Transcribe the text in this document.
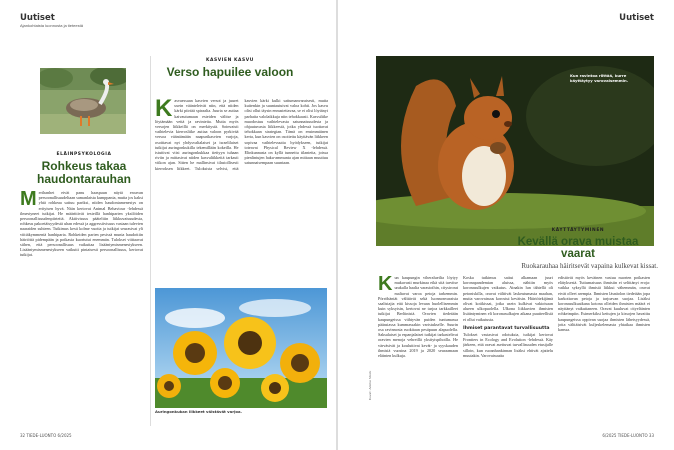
Uutiset
Ajankohtaista luonnosta ja tieteestä
ELÄINPSYKOLOGIA
Rohkeus takaa haudontarauhan
M erihanhet eivät panu haaspuun näytä eroavan persoonallisuudeltaan samanlaista kumppania, mutta jos kaksi yhtä rohkeaa sattuu pariksi, niiden haudontamenestys on erityisen hyvä. Näin kertovat Animal Behaviour -lehdessä ilmestyneet tutkijat. He määrittivät testeillä hanhiparien yksilöiden persoonallisuudenpiirteitä. Aktiivisuus pääteltiin liikkuvaisuudesta, rohkeus pakoetäisyydestä uhan edessä ja aggressiivisuus vastaan tulevien naaraiden suhteen. Tutkimus kesti kolme vuotta ja tutkijat seurasivat yli viittäkymmentä hanhiparia. Rohkeiden parien pesissä munia haudottiin häiriöttä pidempään ja poikasia kuoriutui enemmän. Tulokset viittaavat siihen, että persoonallisuus vaikuttaa lisääntymismenestykseen. Lisääntymismenestykseen vaikutti pintaisesti persoonallisuus, kertovat tutkijat.
KASVIEN KASVU
Verso hapuilee valoon
K asvaessaan kasvien versot ja juuret usein väänteleivät niin, että niiden kärki piirtää spiraalia. Juuria se auttaa kaivautumaan esteiden välitse ja löytämään vettä ja ravinteita. Mutta myös versojen liikkeillä on merkitystä. Soinvaisti vaihtelevia kierrosliike auttaa valoon pyrkivää versoa vääntämään naapurikasvien varjoja, osoittavat nyt yhdysvaltalaiset ja israelilaiset tutkijat auringonkukilla tekemillään kokeilla. He istuttivat viisi auringonkukkaa tiettyyn tuhaan riviin ja mittasivat niiden kasvuliikkeitä tarkasti viikon ajan. Sitten he mallinsivat tilastollisesti kierroksen liikkeet. Tuloksista selvisi, että kasvien kärki kulki sattumanvaraisesti, mutta kuitenkin ja suuntautuivat valoa kohti. Jos kasvu olisi ollut täysin ennustettavaa, se ei olisi löytänyt parhaita valolaikkuja niin tehokkaasti. Kasvuliike muodostuu vaihtelevasta satunnaisuudesta ja ohjautuvasta liikkeestä, jotka yhdessä tuottavat tehokkaan strategian. Tämä on ensimmäinen kerta, kun kasvien on osoitettu käyttävän liikkeen sopivaa vaihtelevuutta hyödykseen, tutkijat toteavat Physical Review X -lehdessä. Elinkunnasta on kyllä tunnettu tilanteita, joissa pienlintujen haku-ammunta ajan mittaan muuttuu satunnaisempaan suuntaan.
Auringonkukan liikkeet väistävät varjoa.
32 TIEDE-LUONTO 6/2025
Uutiset
Kun ravintoa riittää, kurre käyttäytyy varovaisemmin.
Kuvat: Adobe Stock
KÄYTTÄYTYMINEN
Kevällä orava muistaa vaarat
Ruokarauhaa häiritsevät vapaina kulkevat kissat.
K un kaupungin viheralueilta löytyy mukavasti murkinaa eikä sitä tarvitse urakalla haalia varastoihin, citysirorat maltavat varoa petoja tarkemmin. Pörröhäntät välttävät sekä luonnonvaraisia saalistajia että kissoja levaan huolellisemmin kuin syksyisin, kertovat ne tarjoa tarkkailleet tutkijat Berliinistä. Oravien tiedetään kaupungeissa viihtyvän puiden tuntumassa pääasiassa kummassakin varistukselle. Suurin osa ravinnosta ruokitaan pesäpuun alapuolella. Saksalaiset ja espanjalaiset tutkijat tarkastelivat oravien menoja vehreillä yksityispihoilla. He värväsivät ja kouluttivat kevät- ja syyskauden ihmisiä vuosina 2019 ja 2020 seuraamaan eläinten kulkuja.
Koska tutkimus sattui alkamaan juuri koronapandemian aluissa, nähtiin myös koronasulkujen vaikutus. Ainakin lun tähtellä oli petoniskilla, oravat välttivät laskeutumasta maahan, mutta varovaisuus korostui keväisin. Häiriötekijämä olivat kotikissat, jotka usein kulkivat vakioisaan alueen ulkopuolella. Ulkona liikkuvien ihmisten lisääntyminen eli koronasulkujen aikana puutteellisiä ei ollut vaikutusta.
Ihmiset parantavat turvallisuutta
Tulokset vastasivat odotuksia, tutkijat kertovat Frontiers in Ecology and Evolution -lehdessä. Käy järkeen, että oravat asettuvat turvallisuuden etusijalle silloin, kun ruoanhankinnan lisäksi ehtivät ajattelu muutakin. Varovaisuutta
edistävät myös keväinen vastuu nuorten poikasten elätyksestä. Tuttumaisuus ihmisiin ei selittänyt eroja: vaikka syksyllä ihmisiä liikkui vähemmän, oravat eivät olleet arempia. Ihmisten läsnäolon tiedetään jopa karkottavan petoja ja tarjoavan suojaa. Lisäksi koronasulkuaikana kotona olleiden ihmisten määrä ei näyttänyt vaikuttaneen. Oravat kuuluvat cityeläinten rohkeimpiin. Esimerkiksi kettujen ja kissojen havaittu kaupungeissa oppivan suojaa ihmisten läheisyydessä, jotta välttäisivät kuljeskelemasta yhtaikaa ihmisten kanssa.
6/2025 TIEDE-LUONTO 33
